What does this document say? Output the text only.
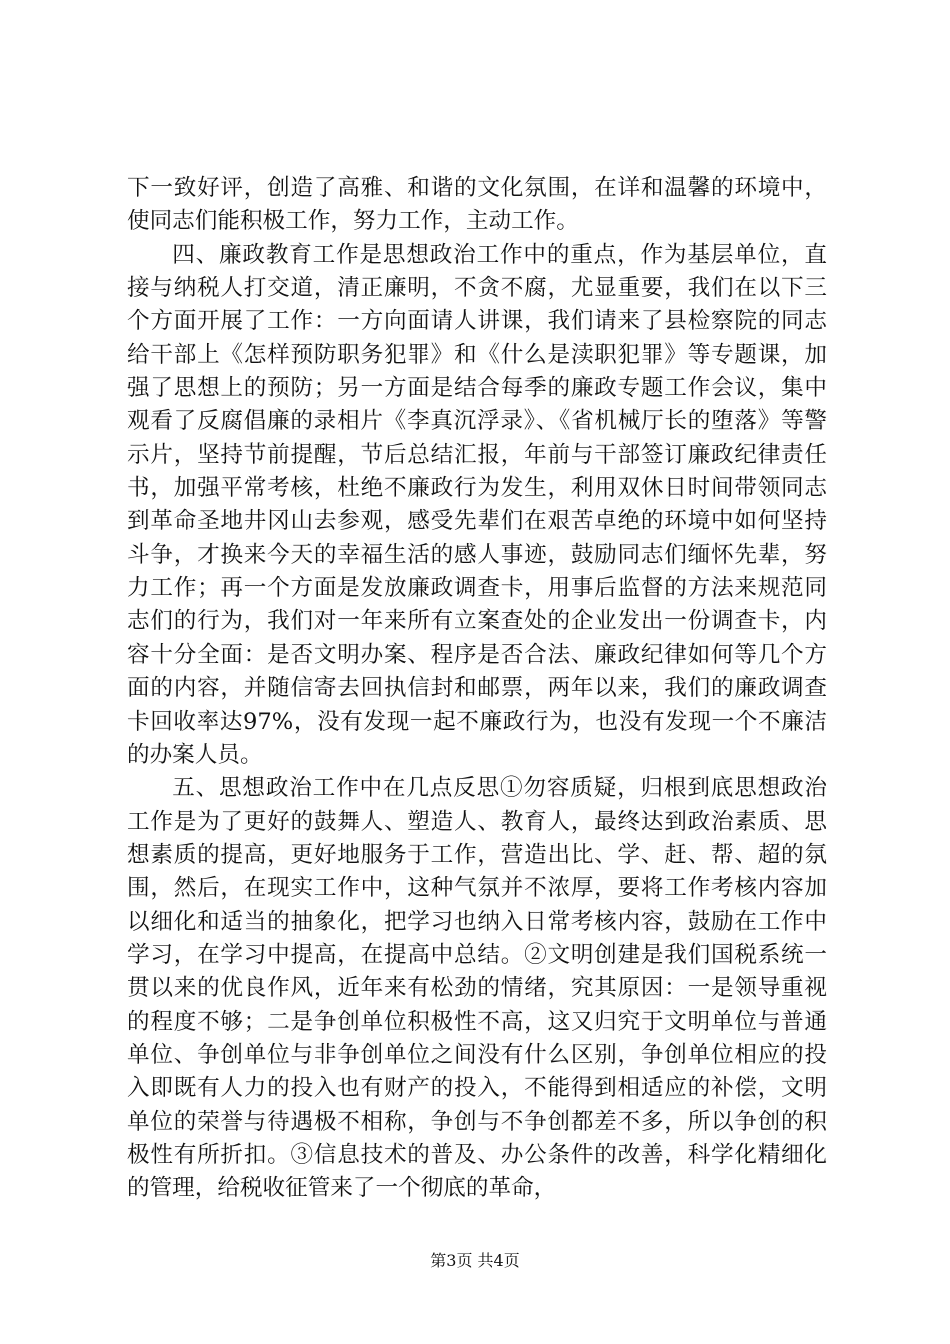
下一致好评，创造了高雅、和谐的文化氛围，在详和温馨的环境中，使同志们能积极工作，努力工作，主动工作。

四、廉政教育工作是思想政治工作中的重点，作为基层单位，直接与纳税人打交道，清正廉明，不贪不腐，尤显重要，我们在以下三个方面开展了工作：一方向面请人讲课，我们请来了县检察院的同志给干部上《怎样预防职务犯罪》和《什么是渎职犯罪》等专题课，加强了思想上的预防；另一方面是结合每季的廉政专题工作会议，集中观看了反腐倡廉的录相片《李真沉浮录》、《省机械厅长的堕落》等警示片，坚持节前提醒，节后总结汇报，年前与干部签订廉政纪律责任书，加强平常考核，杜绝不廉政行为发生，利用双休日时间带领同志到革命圣地井冈山去参观，感受先辈们在艰苦卓绝的环境中如何坚持斗争，才换来今天的幸福生活的感人事迹，鼓励同志们缅怀先辈，努力工作；再一个方面是发放廉政调查卡，用事后监督的方法来规范同志们的行为，我们对一年来所有立案查处的企业发出一份调查卡，内容十分全面：是否文明办案、程序是否合法、廉政纪律如何等几个方面的内容，并随信寄去回执信封和邮票，两年以来，我们的廉政调查卡回收率达97%，没有发现一起不廉政行为，也没有发现一个不廉洁的办案人员。

五、思想政治工作中在几点反思①勿容质疑，归根到底思想政治工作是为了更好的鼓舞人、塑造人、教育人，最终达到政治素质、思想素质的提高，更好地服务于工作，营造出比、学、赶、帮、超的氛围，然后，在现实工作中，这种气氛并不浓厚，要将工作考核内容加以细化和适当的抽象化，把学习也纳入日常考核内容，鼓励在工作中学习，在学习中提高，在提高中总结。②文明创建是我们国税系统一贯以来的优良作风，近年来有松劲的情绪，究其原因：一是领导重视的程度不够；二是争创单位积极性不高，这又归究于文明单位与普通单位、争创单位与非争创单位之间没有什么区别，争创单位相应的投入即既有人力的投入也有财产的投入，不能得到相适应的补偿，文明单位的荣誉与待遇极不相称，争创与不争创都差不多，所以争创的积极性有所折扣。③信息技术的普及、办公条件的改善，科学化精细化的管理，给税收征管来了一个彻底的革命，

第3页 共4页
